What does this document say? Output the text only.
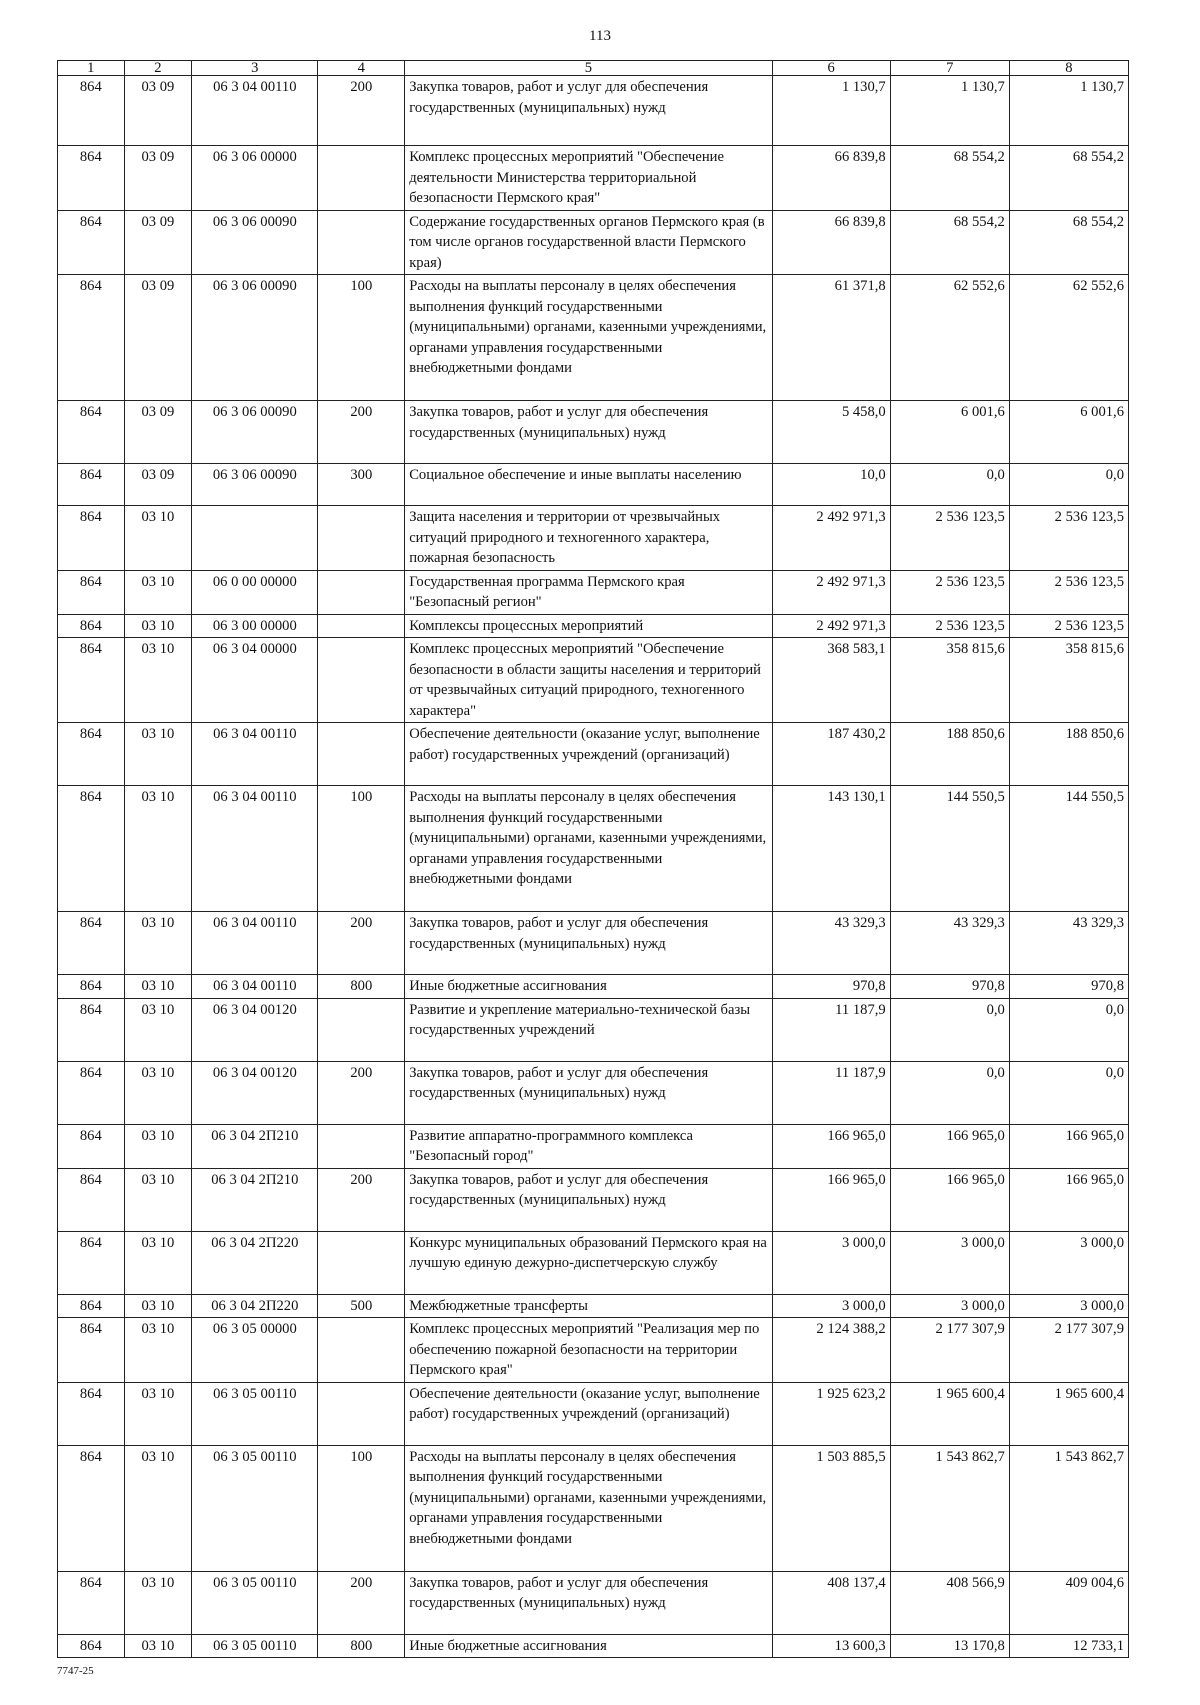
113
1	2	3	4	5	6	7	8
864	03 09	06 3 04 00110	200	Закупка товаров, работ и услуг для обеспечения государственных (муниципальных) нужд	1 130,7	1 130,7	1 130,7
864	03 09	06 3 06 00000		Комплекс процессных мероприятий "Обеспечение деятельности Министерства территориальной безопасности Пермского края"	66 839,8	68 554,2	68 554,2
864	03 09	06 3 06 00090		Содержание государственных органов Пермского края (в том числе органов государственной власти Пермского края)	66 839,8	68 554,2	68 554,2
864	03 09	06 3 06 00090	100	Расходы на выплаты персоналу в целях обеспечения выполнения функций государственными (муниципальными) органами, казенными учреждениями, органами управления государственными внебюджетными фондами	61 371,8	62 552,6	62 552,6
864	03 09	06 3 06 00090	200	Закупка товаров, работ и услуг для обеспечения государственных (муниципальных) нужд	5 458,0	6 001,6	6 001,6
864	03 09	06 3 06 00090	300	Социальное обеспечение и иные выплаты населению	10,0	0,0	0,0
864	03 10			Защита населения и территории от чрезвычайных ситуаций природного и техногенного характера, пожарная безопасность	2 492 971,3	2 536 123,5	2 536 123,5
864	03 10	06 0 00 00000		Государственная программа Пермского края "Безопасный регион"	2 492 971,3	2 536 123,5	2 536 123,5
864	03 10	06 3 00 00000		Комплексы процессных мероприятий	2 492 971,3	2 536 123,5	2 536 123,5
864	03 10	06 3 04 00000		Комплекс процессных мероприятий "Обеспечение безопасности в области защиты населения и территорий от чрезвычайных ситуаций природного, техногенного характера"	368 583,1	358 815,6	358 815,6
864	03 10	06 3 04 00110		Обеспечение деятельности (оказание услуг, выполнение работ) государственных учреждений (организаций)	187 430,2	188 850,6	188 850,6
864	03 10	06 3 04 00110	100	Расходы на выплаты персоналу в целях обеспечения выполнения функций государственными (муниципальными) органами, казенными учреждениями, органами управления государственными внебюджетными фондами	143 130,1	144 550,5	144 550,5
864	03 10	06 3 04 00110	200	Закупка товаров, работ и услуг для обеспечения государственных (муниципальных) нужд	43 329,3	43 329,3	43 329,3
864	03 10	06 3 04 00110	800	Иные бюджетные ассигнования	970,8	970,8	970,8
864	03 10	06 3 04 00120		Развитие и укрепление материально-технической базы государственных учреждений	11 187,9	0,0	0,0
864	03 10	06 3 04 00120	200	Закупка товаров, работ и услуг для обеспечения государственных (муниципальных) нужд	11 187,9	0,0	0,0
864	03 10	06 3 04 2П210		Развитие аппаратно-программного комплекса "Безопасный город"	166 965,0	166 965,0	166 965,0
864	03 10	06 3 04 2П210	200	Закупка товаров, работ и услуг для обеспечения государственных (муниципальных) нужд	166 965,0	166 965,0	166 965,0
864	03 10	06 3 04 2П220		Конкурс муниципальных образований Пермского края на лучшую единую дежурно-диспетчерскую службу	3 000,0	3 000,0	3 000,0
864	03 10	06 3 04 2П220	500	Межбюджетные трансферты	3 000,0	3 000,0	3 000,0
864	03 10	06 3 05 00000		Комплекс процессных мероприятий "Реализация мер по обеспечению пожарной безопасности на территории Пермского края"	2 124 388,2	2 177 307,9	2 177 307,9
864	03 10	06 3 05 00110		Обеспечение деятельности (оказание услуг, выполнение работ) государственных учреждений (организаций)	1 925 623,2	1 965 600,4	1 965 600,4
864	03 10	06 3 05 00110	100	Расходы на выплаты персоналу в целях обеспечения выполнения функций государственными (муниципальными) органами, казенными учреждениями, органами управления государственными внебюджетными фондами	1 503 885,5	1 543 862,7	1 543 862,7
864	03 10	06 3 05 00110	200	Закупка товаров, работ и услуг для обеспечения государственных (муниципальных) нужд	408 137,4	408 566,9	409 004,6
864	03 10	06 3 05 00110	800	Иные бюджетные ассигнования	13 600,3	13 170,8	12 733,1
7747-25
